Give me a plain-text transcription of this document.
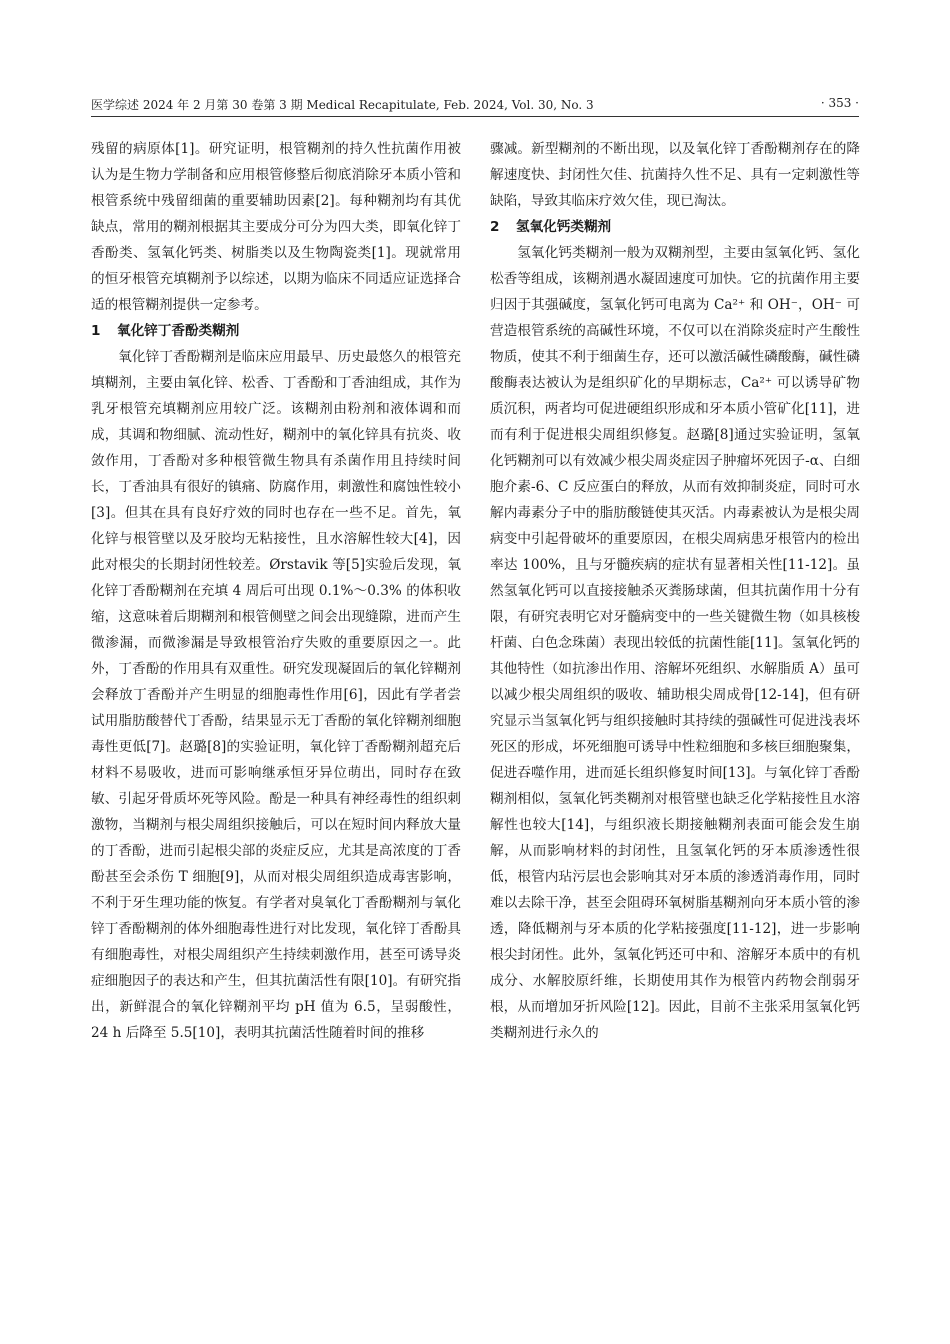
医学综述 2024 年 2 月第 30 卷第 3 期 Medical Recapitulate, Feb. 2024, Vol. 30, No. 3	· 353 ·

残留的病原体[1]。研究证明，根管糊剂的持久性抗菌作用被认为是生物力学制备和应用根管修整后彻底消除牙本质小管和根管系统中残留细菌的重要辅助因素[2]。每种糊剂均有其优缺点，常用的糊剂根据其主要成分可分为四大类，即氧化锌丁香酚类、氢氧化钙类、树脂类以及生物陶瓷类[1]。现就常用的恒牙根管充填糊剂予以综述，以期为临床不同适应证选择合适的根管糊剂提供一定参考。

1 氧化锌丁香酚类糊剂

氧化锌丁香酚糊剂是临床应用最早、历史最悠久的根管充填糊剂，主要由氧化锌、松香、丁香酚和丁香油组成，其作为乳牙根管充填糊剂应用较广泛。该糊剂由粉剂和液体调和而成，其调和物细腻、流动性好，糊剂中的氧化锌具有抗炎、收敛作用，丁香酚对多种根管微生物具有杀菌作用且持续时间长，丁香油具有很好的镇痛、防腐作用，刺激性和腐蚀性较小[3]。但其在具有良好疗效的同时也存在一些不足。首先，氧化锌与根管壁以及牙胶均无粘接性，且水溶解性较大[4]，因此对根尖的长期封闭性较差。Ørstavik 等[5]实验后发现，氧化锌丁香酚糊剂在充填 4 周后可出现 0.1%～0.3% 的体积收缩，这意味着后期糊剂和根管侧壁之间会出现缝隙，进而产生微渗漏，而微渗漏是导致根管治疗失败的重要原因之一。此外，丁香酚的作用具有双重性。研究发现凝固后的氧化锌糊剂会释放丁香酚并产生明显的细胞毒性作用[6]，因此有学者尝试用脂肪酸替代丁香酚，结果显示无丁香酚的氧化锌糊剂细胞毒性更低[7]。赵璐[8]的实验证明，氧化锌丁香酚糊剂超充后材料不易吸收，进而可影响继承恒牙异位萌出，同时存在致敏、引起牙骨质坏死等风险。酚是一种具有神经毒性的组织刺激物，当糊剂与根尖周组织接触后，可以在短时间内释放大量的丁香酚，进而引起根尖部的炎症反应，尤其是高浓度的丁香酚甚至会杀伤 T 细胞[9]，从而对根尖周组织造成毒害影响，不利于牙生理功能的恢复。有学者对臭氧化丁香酚糊剂与氧化锌丁香酚糊剂的体外细胞毒性进行对比发现，氧化锌丁香酚具有细胞毒性，对根尖周组织产生持续刺激作用，甚至可诱导炎症细胞因子的表达和产生，但其抗菌活性有限[10]。有研究指出，新鲜混合的氧化锌糊剂平均 pH 值为 6.5，呈弱酸性，24 h 后降至 5.5[10]，表明其抗菌活性随着时间的推移

骤减。新型糊剂的不断出现，以及氧化锌丁香酚糊剂存在的降解速度快、封闭性欠佳、抗菌持久性不足、具有一定刺激性等缺陷，导致其临床疗效欠佳，现已淘汰。

2 氢氧化钙类糊剂

氢氧化钙类糊剂一般为双糊剂型，主要由氢氧化钙、氢化松香等组成，该糊剂遇水凝固速度可加快。它的抗菌作用主要归因于其强碱度，氢氧化钙可电离为 Ca²⁺ 和 OH⁻，OH⁻ 可营造根管系统的高碱性环境，不仅可以在消除炎症时产生酸性物质，使其不利于细菌生存，还可以激活碱性磷酸酶，碱性磷酸酶表达被认为是组织矿化的早期标志，Ca²⁺ 可以诱导矿物质沉积，两者均可促进硬组织形成和牙本质小管矿化[11]，进而有利于促进根尖周组织修复。赵璐[8]通过实验证明，氢氧化钙糊剂可以有效减少根尖周炎症因子肿瘤坏死因子-α、白细胞介素-6、C 反应蛋白的释放，从而有效抑制炎症，同时可水解内毒素分子中的脂肪酸链使其灭活。内毒素被认为是根尖周病变中引起骨破坏的重要原因，在根尖周病患牙根管内的检出率达 100%，且与牙髓疾病的症状有显著相关性[11-12]。虽然氢氧化钙可以直接接触杀灭粪肠球菌，但其抗菌作用十分有限，有研究表明它对牙髓病变中的一些关键微生物（如具核梭杆菌、白色念珠菌）表现出较低的抗菌性能[11]。氢氧化钙的其他特性（如抗渗出作用、溶解坏死组织、水解脂质 A）虽可以减少根尖周组织的吸收、辅助根尖周成骨[12-14]，但有研究显示当氢氧化钙与组织接触时其持续的强碱性可促进浅表坏死区的形成，坏死细胞可诱导中性粒细胞和多核巨细胞聚集，促进吞噬作用，进而延长组织修复时间[13]。与氧化锌丁香酚糊剂相似，氢氧化钙类糊剂对根管壁也缺乏化学粘接性且水溶解性也较大[14]，与组织液长期接触糊剂表面可能会发生崩解，从而影响材料的封闭性，且氢氧化钙的牙本质渗透性很低，根管内玷污层也会影响其对牙本质的渗透消毒作用，同时难以去除干净，甚至会阻碍环氧树脂基糊剂向牙本质小管的渗透，降低糊剂与牙本质的化学粘接强度[11-12]，进一步影响根尖封闭性。此外，氢氧化钙还可中和、溶解牙本质中的有机成分、水解胶原纤维，长期使用其作为根管内药物会削弱牙根，从而增加牙折风险[12]。因此，目前不主张采用氢氧化钙类糊剂进行永久的
